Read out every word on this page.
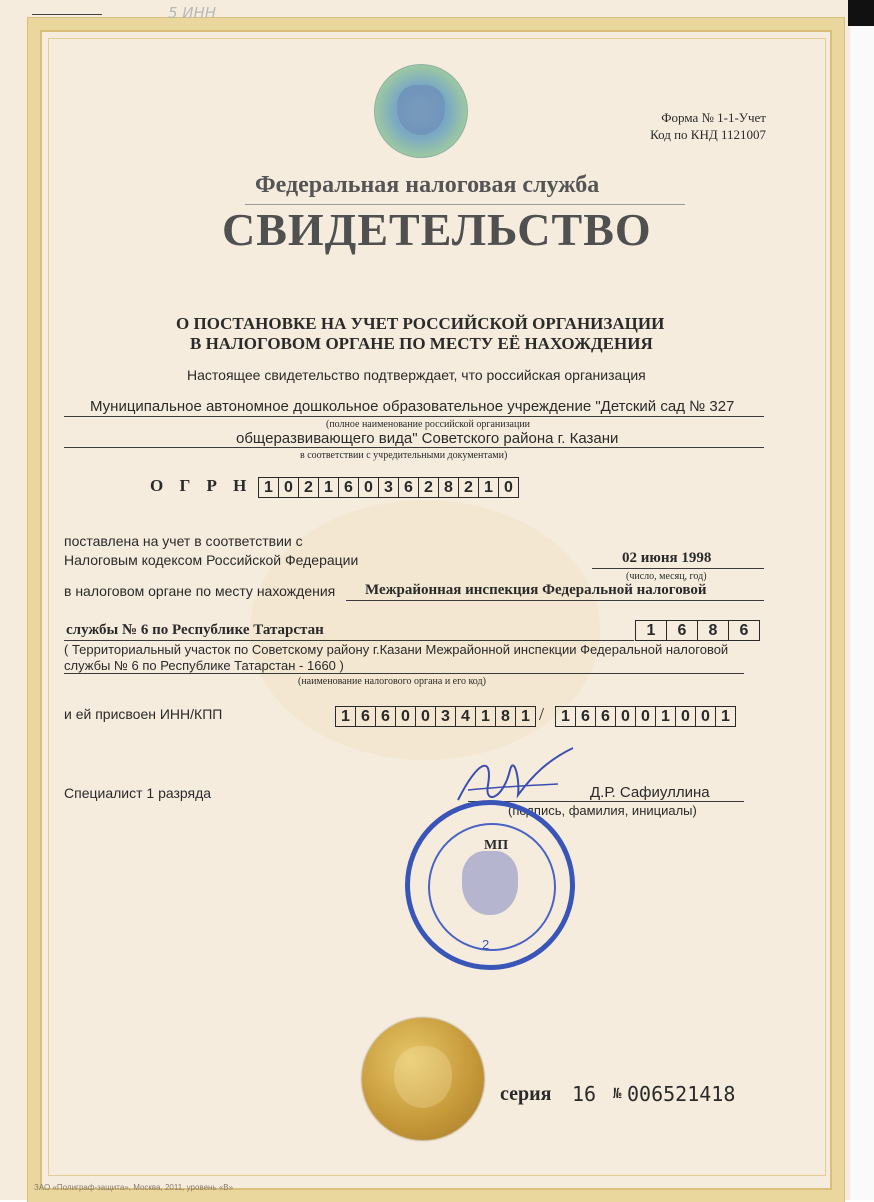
5 ИНН
Форма № 1-1-Учет
Код по КНД 1121007
Федеральная налоговая служба
СВИДЕТЕЛЬСТВО
О ПОСТАНОВКЕ НА УЧЕТ РОССИЙСКОЙ ОРГАНИЗАЦИИ
В НАЛОГОВОМ ОРГАНЕ ПО МЕСТУ ЕЁ НАХОЖДЕНИЯ
Настоящее свидетельство подтверждает, что российская организация
Муниципальное автономное дошкольное образовательное учреждение "Детский сад № 327
(полное наименование российской организации
общеразвивающего вида" Советского района г. Казани
в соответствии с учредительными документами)
О Г Р Н 1 0 2 1 6 0 3 6 2 8 2 1 0
поставлена на учет в соответствии с
Налоговым кодексом Российской Федерации	02 июня 1998
(число, месяц, год)
в налоговом органе по месту нахождения Межрайонная инспекция Федеральной налоговой
службы № 6 по Республике Татарстан	1	6	8	6
( Территориальный участок по Советскому району г.Казани Межрайонной инспекции Федеральной налоговой
службы № 6 по Республике Татарстан - 1660 )
(наименование налогового органа и его код)
и ей присвоен ИНН/КПП	1 6 6 0 0 3 4 1 8 1 /	1 6 6 0 0 1 0 0 1
Специалист 1 разряда	Д.Р. Сафиуллина
(подпись, фамилия, инициалы)
2
МП
серия 16 № 006521418
ЗАО «Полиграф-защита», Москва, 2011, уровень «В»
